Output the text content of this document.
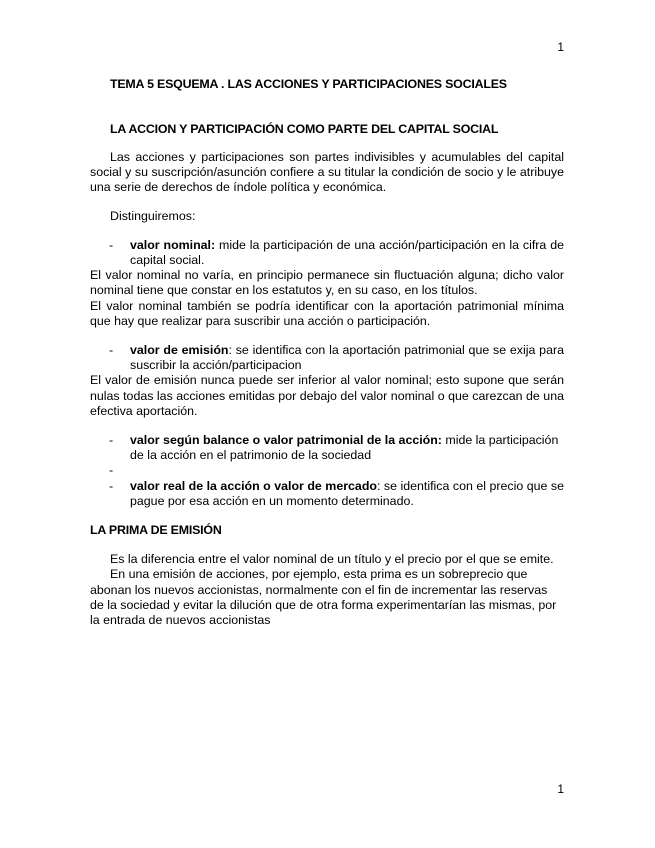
1
TEMA 5 ESQUEMA . LAS ACCIONES Y PARTICIPACIONES SOCIALES
LA ACCION Y PARTICIPACIÓN COMO PARTE DEL CAPITAL SOCIAL

Las acciones y participaciones son partes indivisibles y acumulables del capital social y su suscripción/asunción confiere a su titular la condición de socio y le atribuye una serie de derechos de índole política y económica.

Distinguiremos:

- valor nominal: mide la participación de una acción/participación en la cifra de capital social.

El valor nominal no varía, en principio permanece sin fluctuación alguna; dicho valor nominal tiene que constar en los estatutos y, en su caso, en los títulos.

El valor nominal también se podría identificar con la aportación patrimonial mínima que hay que realizar para suscribir una acción o participación.

- valor de emisión: se identifica con la aportación patrimonial que se exija para suscribir la acción/participacion

El valor de emisión nunca puede ser inferior al valor nominal; esto supone que serán nulas todas las acciones emitidas por debajo del valor nominal o que carezcan de una efectiva aportación.

- valor según balance o valor patrimonial de la acción: mide la participación de la acción en el patrimonio de la sociedad
-

- valor real de la acción o valor de mercado: se identifica con el precio que se pague por esa acción en un momento determinado.
LA PRIMA DE EMISIÓN

Es la diferencia entre el valor nominal de un título y el precio por el que se emite.

En una emisión de acciones, por ejemplo, esta prima es un sobreprecio que abonan los nuevos accionistas, normalmente con el fin de incrementar las reservas de la sociedad y evitar la dilución que de otra forma experimentarían las mismas, por la entrada de nuevos accionistas

1
